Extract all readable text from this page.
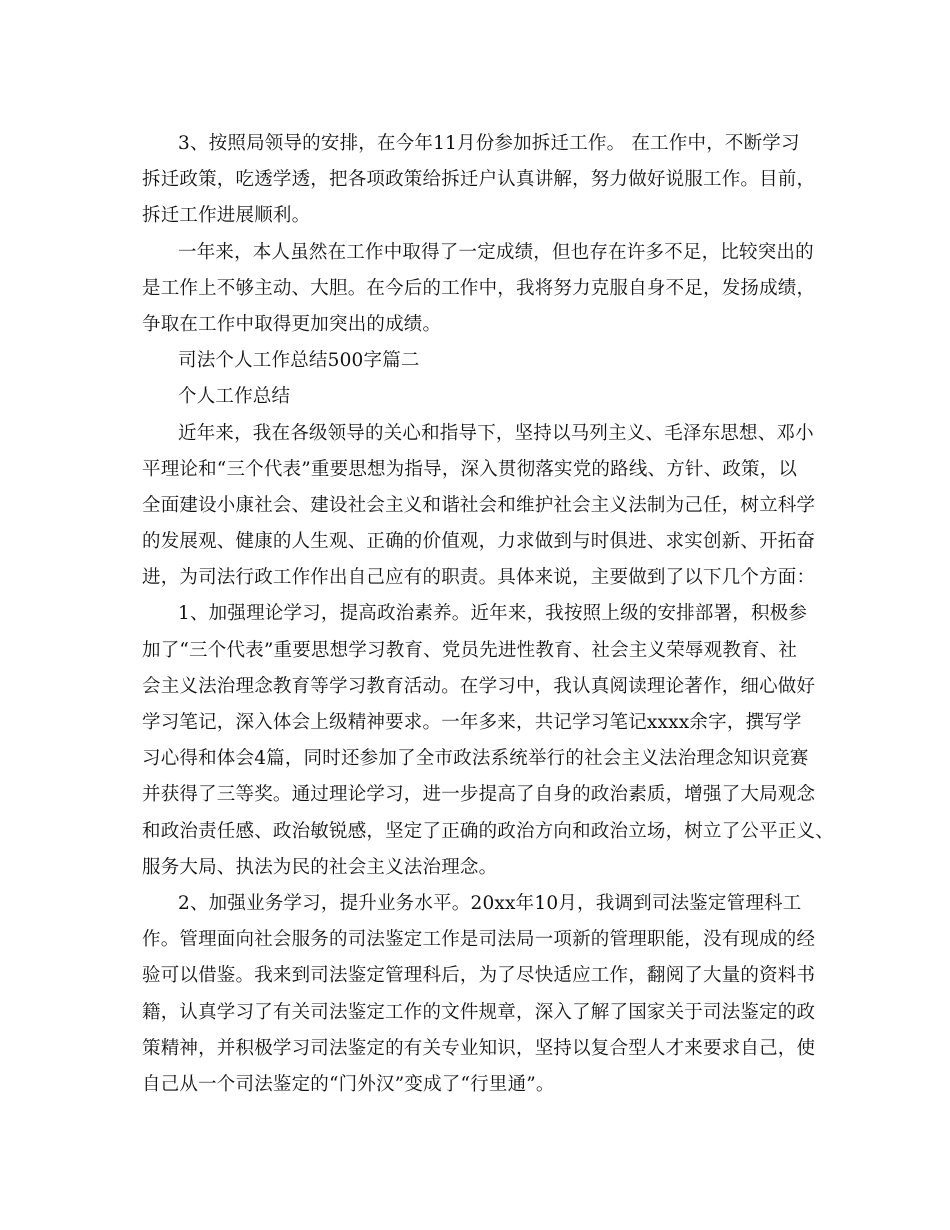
3、按照局领导的安排，在今年11月份参加拆迁工作。 在工作中，不断学习
拆迁政策，吃透学透，把各项政策给拆迁户认真讲解，努力做好说服工作。目前，
拆迁工作进展顺利。
一年来，本人虽然在工作中取得了一定成绩，但也存在许多不足，比较突出的
是工作上不够主动、大胆。在今后的工作中，我将努力克服自身不足，发扬成绩，
争取在工作中取得更加突出的成绩。
司法个人工作总结500字篇二
个人工作总结
近年来，我在各级领导的关心和指导下，坚持以马列主义、毛泽东思想、邓小
平理论和“三个代表”重要思想为指导，深入贯彻落实党的路线、方针、政策，以
全面建设小康社会、建设社会主义和谐社会和维护社会主义法制为己任，树立科学
的发展观、健康的人生观、正确的价值观，力求做到与时俱进、求实创新、开拓奋
进，为司法行政工作作出自己应有的职责。具体来说，主要做到了以下几个方面：
1、加强理论学习，提高政治素养。近年来，我按照上级的安排部署，积极参
加了“三个代表”重要思想学习教育、党员先进性教育、社会主义荣辱观教育、社
会主义法治理念教育等学习教育活动。在学习中，我认真阅读理论著作，细心做好
学习笔记，深入体会上级精神要求。一年多来，共记学习笔记xxxx余字，撰写学
习心得和体会4篇，同时还参加了全市政法系统举行的社会主义法治理念知识竞赛
并获得了三等奖。通过理论学习，进一步提高了自身的政治素质，增强了大局观念
和政治责任感、政治敏锐感，坚定了正确的政治方向和政治立场，树立了公平正义、
服务大局、执法为民的社会主义法治理念。
2、加强业务学习，提升业务水平。20xx年10月，我调到司法鉴定管理科工
作。管理面向社会服务的司法鉴定工作是司法局一项新的管理职能，没有现成的经
验可以借鉴。我来到司法鉴定管理科后，为了尽快适应工作，翻阅了大量的资料书
籍，认真学习了有关司法鉴定工作的文件规章，深入了解了国家关于司法鉴定的政
策精神，并积极学习司法鉴定的有关专业知识，坚持以复合型人才来要求自己，使
自己从一个司法鉴定的“门外汉”变成了“行里通”。
